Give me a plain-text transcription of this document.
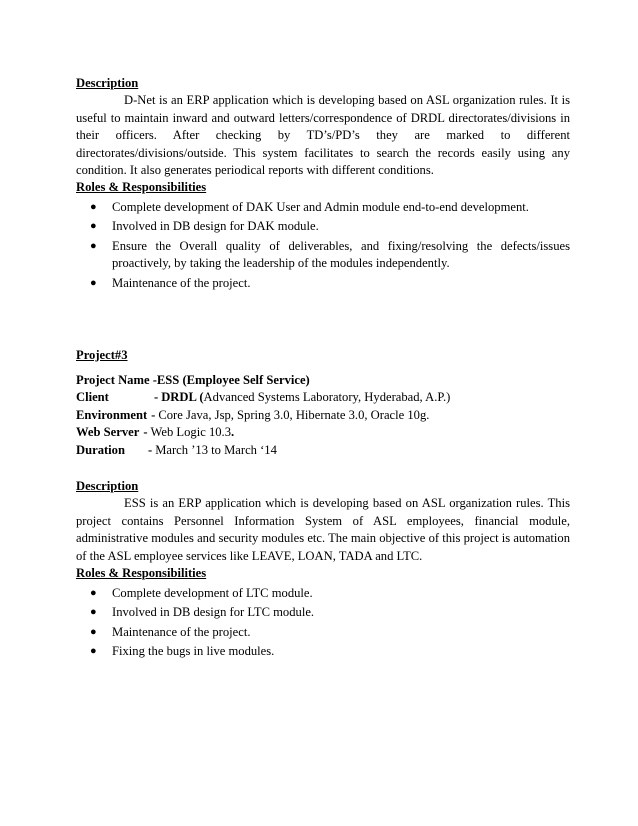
Description
D-Net is an ERP application which is developing based on ASL organization rules. It is useful to maintain inward and outward letters/correspondence of DRDL directorates/divisions in their officers. After checking by TD’s/PD’s they are marked to different directorates/divisions/outside. This system facilitates to search the records easily using any condition. It also generates periodical reports with different conditions.
Roles & Responsibilities
● Complete development of DAK User and Admin module end-to-end development.
● Involved in DB design for DAK module.
● Ensure the Overall quality of deliverables, and fixing/resolving the defects/issues proactively, by taking the leadership of the modules independently.
● Maintenance of the project.
Project#3
Project Name - ESS (Employee Self Service)
Client	- DRDL ( Advanced Systems Laboratory, Hyderabad, A.P.)
Environment - Core Java, Jsp, Spring 3.0, Hibernate 3.0, Oracle 10g.
Web Server - Web Logic 10.3 .
Duration	- March ’13 to March ‘14
Description
ESS is an ERP application which is developing based on ASL organization rules. This project contains Personnel Information System of ASL employees, financial module, administrative modules and security modules etc. The main objective of this project is automation of the ASL employee services like LEAVE, LOAN, TADA and LTC.
Roles & Responsibilities
● Complete development of LTC module.
● Involved in DB design for LTC module.
● Maintenance of the project.
● Fixing the bugs in live modules.
